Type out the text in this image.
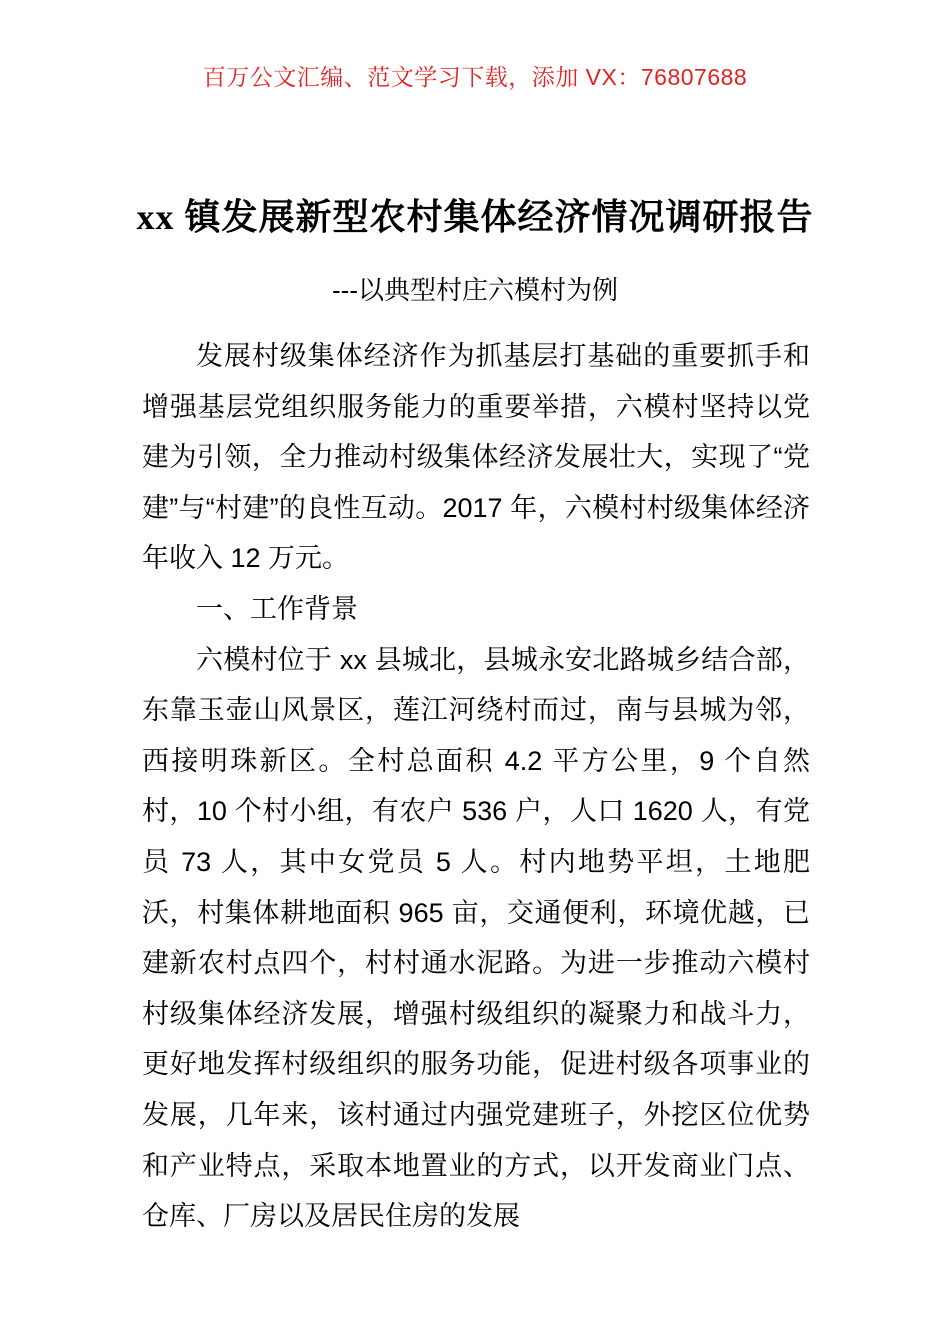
百万公文汇编、范文学习下载，添加 VX：76807688
xx 镇发展新型农村集体经济情况调研报告
---以典型村庄六模村为例

发展村级集体经济作为抓基层打基础的重要抓手和增强基层党组织服务能力的重要举措，六模村坚持以党建为引领，全力推动村级集体经济发展壮大，实现了“党建”与“村建”的良性互动。2017 年，六模村村级集体经济年收入 12 万元。

一、工作背景

六模村位于 xx 县城北，县城永安北路城乡结合部，东靠玉壶山风景区，莲江河绕村而过，南与县城为邻，西接明珠新区。全村总面积 4.2 平方公里，9 个自然村，10 个村小组，有农户 536 户，人口 1620 人，有党员 73 人，其中女党员 5 人。村内地势平坦，土地肥沃，村集体耕地面积 965 亩，交通便利，环境优越，已建新农村点四个，村村通水泥路。为进一步推动六模村村级集体经济发展，增强村级组织的凝聚力和战斗力，更好地发挥村级组织的服务功能，促进村级各项事业的发展，几年来，该村通过内强党建班子，外挖区位优势和产业特点，采取本地置业的方式，以开发商业门点、仓库、厂房以及居民住房的发展
